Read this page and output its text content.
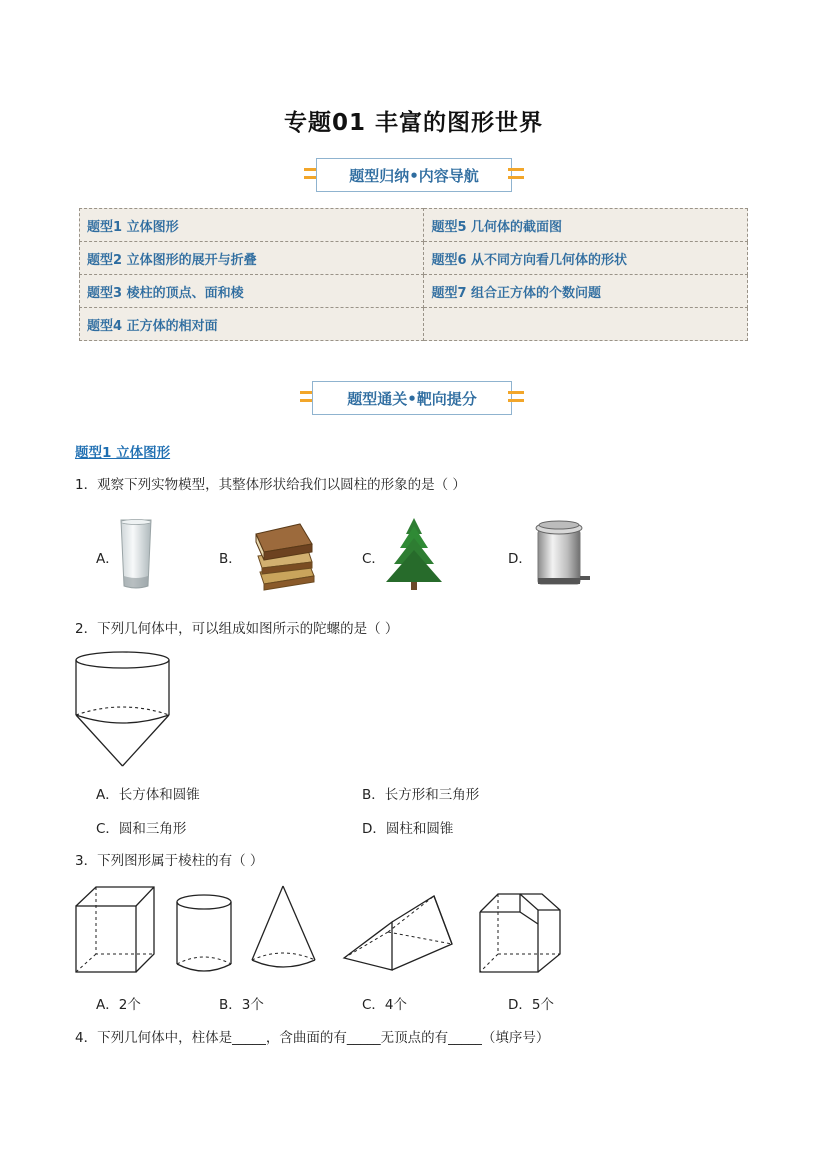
专题01 丰富的图形世界
题型归纳•内容导航
题型1 立体图形	题型5 几何体的截面图
题型2 立体图形的展开与折叠	题型6 从不同方向看几何体的形状
题型3 棱柱的顶点、面和棱	题型7 组合正方体的个数问题
题型4 正方体的相对面	
题型通关•靶向提分
题型1 立体图形
1．观察下列实物模型，其整体形状给我们以圆柱的形象的是（ ）
A．	B．	C．	D．
2．下列几何体中，可以组成如图所示的陀螺的是（ ）
A．长方体和圆锥	B．长方形和三角形
C．圆和三角形	D．圆柱和圆锥
3．下列图形属于棱柱的有（ ）
A．2个	B．3个	C．4个	D．5个
4．下列几何体中，柱体是_____，含曲面的有_____无顶点的有_____（填序号）
